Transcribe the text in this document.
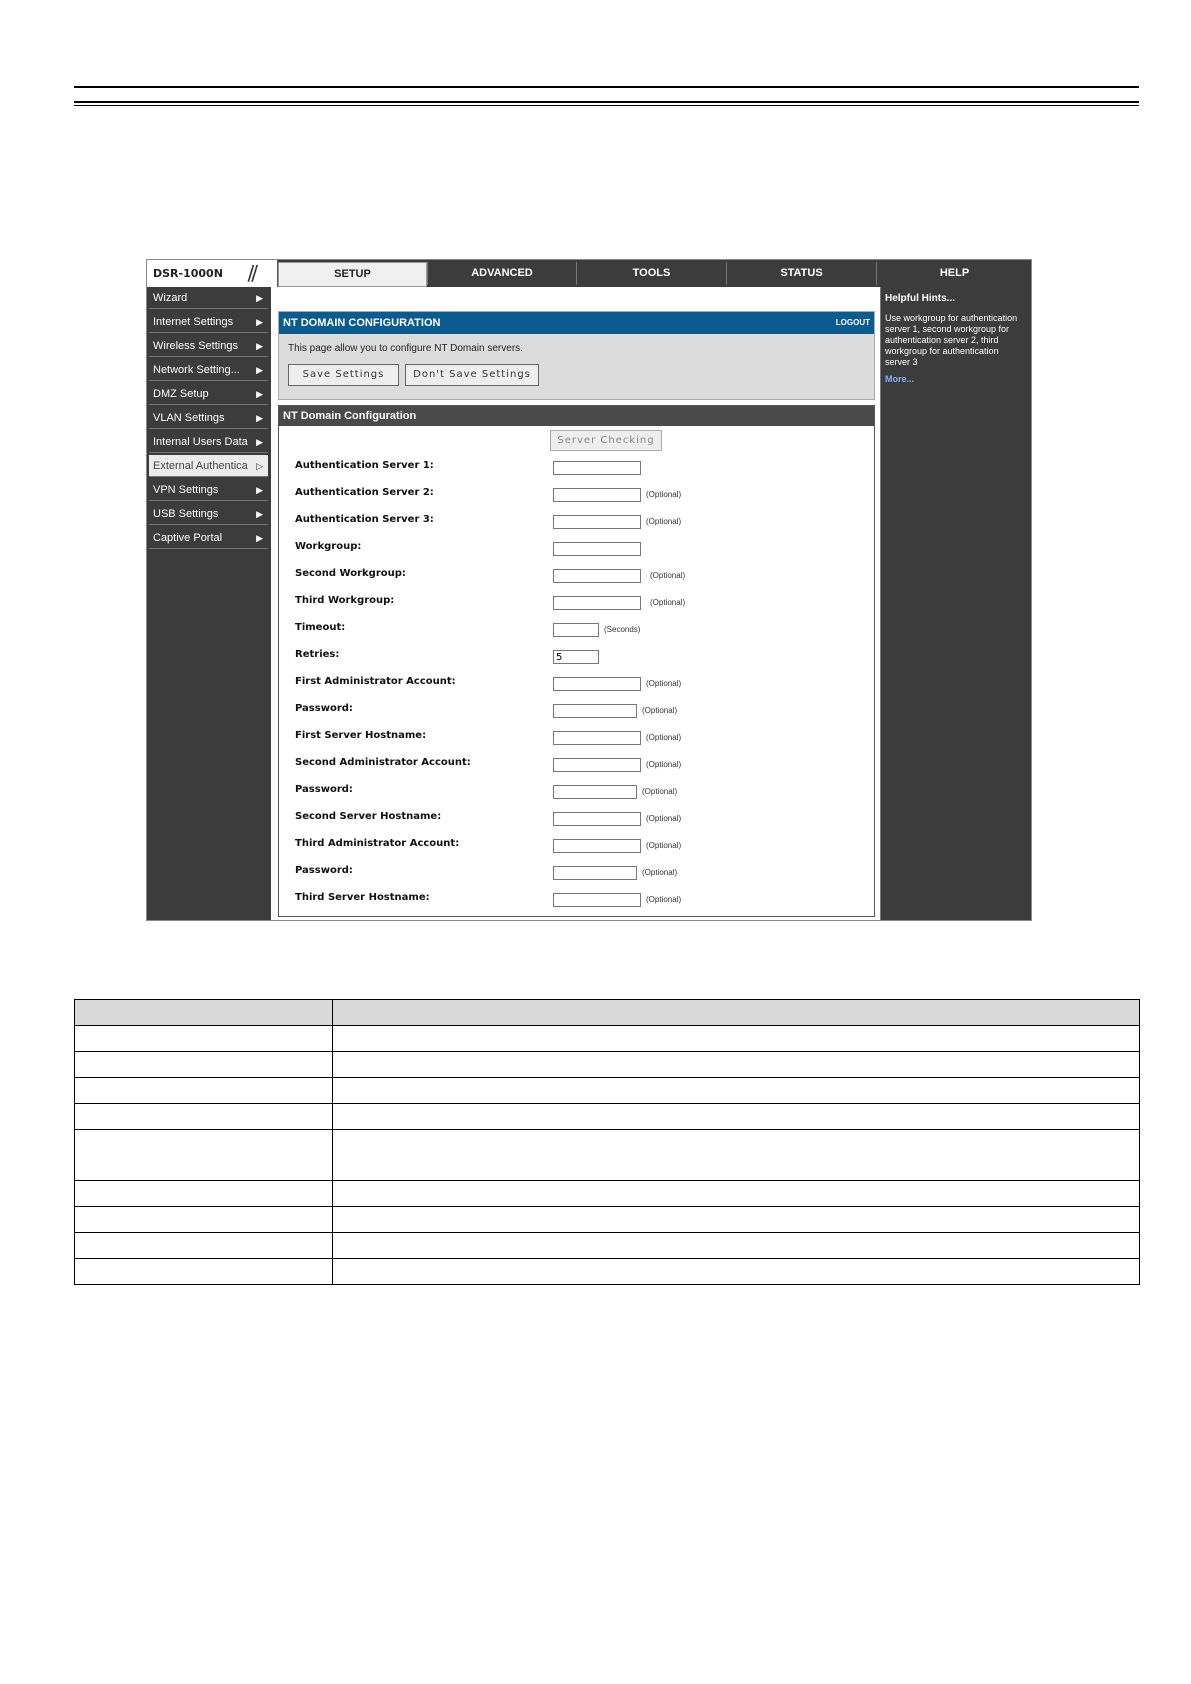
DSR-1000N //	SETUP	ADVANCED	TOOLS	STATUS	HELP
Wizard	▶
Internet Settings	▶
Wireless Settings ▶
Network Setting... ▶
DMZ Setup	▶
VLAN Settings	▶
Internal Users Data ▶
External Authentica ▷
VPN Settings	▶
USB Settings	▶
Captive Portal	▶
NT DOMAIN CONFIGURATION	LOGOUT
This page allow you to configure NT Domain servers.
Save Settings	Don't Save Settings
NT Domain Configuration
Server Checking
Authentication Server 1:
Authentication Server 2:	(Optional)
Authentication Server 3:	(Optional)
Workgroup:
Second Workgroup:	(Optional)
Third Workgroup:	(Optional)
Timeout:	(Seconds)
Retries:	5
First Administrator Account:	(Optional)
Password:	(Optional)
First Server Hostname:	(Optional)
Second Administrator Account:	(Optional)
Password:	(Optional)
Second Server Hostname:	(Optional)
Third Administrator Account:	(Optional)
Password:	(Optional)
Third Server Hostname:	(Optional)
Helpful Hints...
Use workgroup for authentication server 1, second workgroup for authentication server 2, third workgroup for authentication server 3
More...
